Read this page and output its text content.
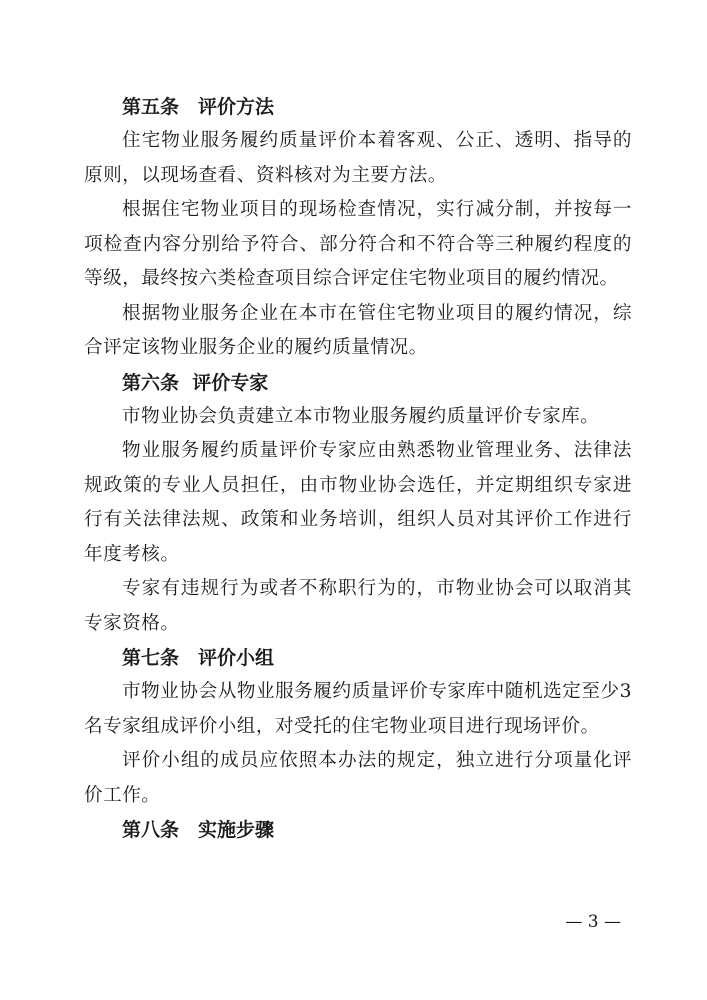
第五条　评价方法

住宅物业服务履约质量评价本着客观、公正、透明、指导的原则，以现场查看、资料核对为主要方法。

根据住宅物业项目的现场检查情况，实行减分制，并按每一项检查内容分别给予符合、部分符合和不符合等三种履约程度的等级，最终按六类检查项目综合评定住宅物业项目的履约情况。

根据物业服务企业在本市在管住宅物业项目的履约情况，综合评定该物业服务企业的履约质量情况。

第六条  评价专家

市物业协会负责建立本市物业服务履约质量评价专家库。

物业服务履约质量评价专家应由熟悉物业管理业务、法律法规政策的专业人员担任，由市物业协会选任，并定期组织专家进行有关法律法规、政策和业务培训，组织人员对其评价工作进行年度考核。

专家有违规行为或者不称职行为的，市物业协会可以取消其专家资格。

第七条　评价小组

市物业协会从物业服务履约质量评价专家库中随机选定至少3名专家组成评价小组，对受托的住宅物业项目进行现场评价。

评价小组的成员应依照本办法的规定，独立进行分项量化评价工作。

第八条　实施步骤

— 3 —
